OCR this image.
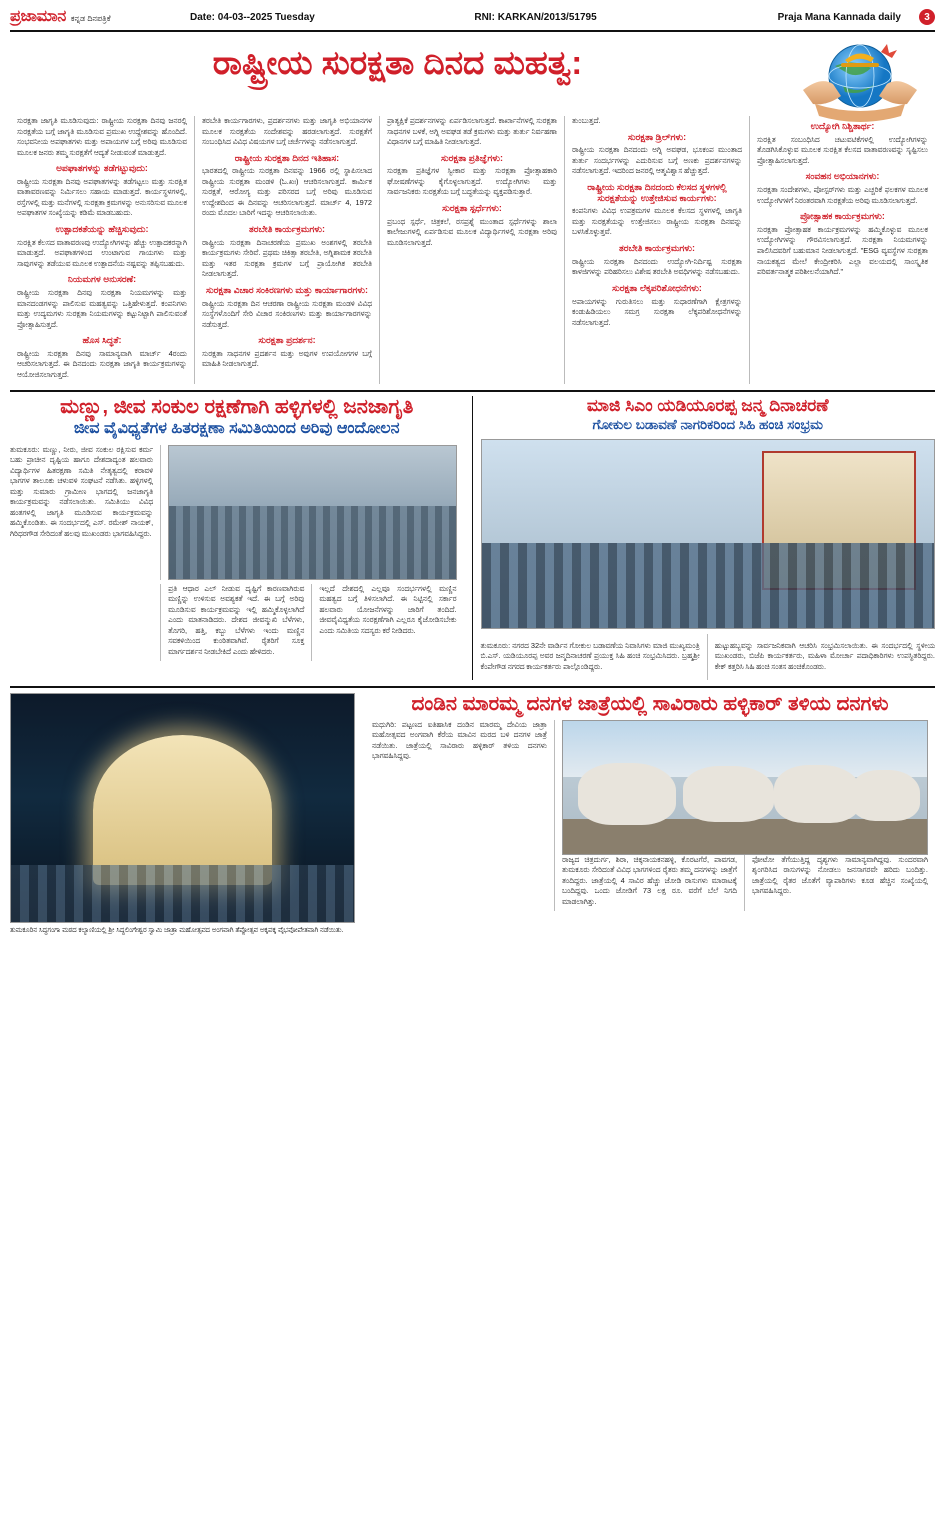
ಪ್ರಜಾಮಾನ ಕನ್ನಡ ದಿನಪತ್ರಿಕೆ	Date: 04-03--2025 Tuesday	RNI: KARKAN/2013/51795	Praja Mana Kannada daily	3
ರಾಷ್ಟ್ರೀಯ ಸುರಕ್ಷತಾ ದಿನದ ಮಹತ್ವ:

ಸುರಕ್ಷತಾ ಜಾಗೃತಿ ಮೂಡಿಸುವುದು: ರಾಷ್ಟ್ರೀಯ ಸುರಕ್ಷತಾ ದಿನವು ಜನರಲ್ಲಿ ಸುರಕ್ಷತೆಯ ಬಗ್ಗೆ ಜಾಗೃತಿ ಮೂಡಿಸುವ ಪ್ರಮುಖ ಉದ್ದೇಶವನ್ನು ಹೊಂದಿದೆ. ಸಂಭವನೀಯ ಅಪಘಾತಗಳು ಮತ್ತು ಅಪಾಯಗಳ ಬಗ್ಗೆ ಅರಿವು ಮೂಡಿಸುವ ಮೂಲಕ ಜನರು ತಮ್ಮ ಸುರಕ್ಷತೆಗೆ ಆದ್ಯತೆ ನೀಡುವಂತೆ ಮಾಡುತ್ತದೆ.

ಅಪಘಾತಗಳನ್ನು ತಡೆಗಟ್ಟುವುದು:

ರಾಷ್ಟ್ರೀಯ ಸುರಕ್ಷತಾ ದಿನವು ಅಪಘಾತಗಳನ್ನು ತಡೆಗಟ್ಟಲು ಮತ್ತು ಸುರಕ್ಷಿತ ವಾತಾವರಣವನ್ನು ನಿರ್ಮಿಸಲು ಸಹಾಯ ಮಾಡುತ್ತದೆ. ಕಾರ್ಯಸ್ಥಳಗಳಲ್ಲಿ, ರಸ್ತೆಗಳಲ್ಲಿ ಮತ್ತು ಮನೆಗಳಲ್ಲಿ ಸುರಕ್ಷತಾ ಕ್ರಮಗಳನ್ನು ಅನುಸರಿಸುವ ಮೂಲಕ ಅಪಘಾತಗಳ ಸಂಖ್ಯೆಯನ್ನು ಕಡಿಮೆ ಮಾಡಬಹುದು.

ಉತ್ಪಾದಕತೆಯನ್ನು ಹೆಚ್ಚಿಸುವುದು:

ಸುರಕ್ಷಿತ ಕೆಲಸದ ವಾತಾವರಣವು ಉದ್ಯೋಗಿಗಳನ್ನು ಹೆಚ್ಚು ಉತ್ಪಾದಕರನ್ನಾಗಿ ಮಾಡುತ್ತದೆ. ಅಪಘಾತಗಳಿಂದ ಉಂಟಾಗುವ ಗಾಯಗಳು ಮತ್ತು ಸಾವುಗಳನ್ನು ತಡೆಯುವ ಮೂಲಕ ಉತ್ಪಾದನೆಯ ನಷ್ಟವನ್ನು ತಪ್ಪಿಸಬಹುದು.

ನಿಯಮಗಳ ಅನುಸರಣೆ:

ರಾಷ್ಟ್ರೀಯ ಸುರಕ್ಷತಾ ದಿನವು ಸುರಕ್ಷತಾ ನಿಯಮಗಳನ್ನು ಮತ್ತು ಮಾನದಂಡಗಳನ್ನು ಪಾಲಿಸುವ ಮಹತ್ವವನ್ನು ಒತ್ತಿಹೇಳುತ್ತದೆ. ಕಂಪನಿಗಳು ಮತ್ತು ಉದ್ಯಮಗಳು ಸುರಕ್ಷತಾ ನಿಯಮಗಳನ್ನು ಕಟ್ಟುನಿಟ್ಟಾಗಿ ಪಾಲಿಸುವಂತೆ ಪ್ರೋತ್ಸಾಹಿಸುತ್ತದೆ.

ಹೊಸ ಸಿದ್ಧತೆ:

ರಾಷ್ಟ್ರೀಯ ಸುರಕ್ಷತಾ ದಿನವು ಸಾಮಾನ್ಯವಾಗಿ ಮಾರ್ಚ್ 4ರಂದು ಆಚರಿಸಲಾಗುತ್ತದೆ. ಈ ದಿನದಂದು ಸುರಕ್ಷತಾ ಜಾಗೃತಿ ಕಾರ್ಯಕ್ರಮಗಳನ್ನು ಆಯೋಜಿಸಲಾಗುತ್ತದೆ.

ತರಬೇತಿ ಕಾರ್ಯಗಾರಗಳು, ಪ್ರದರ್ಶನಗಳು ಮತ್ತು ಜಾಗೃತಿ ಅಭಿಯಾನಗಳ ಮೂಲಕ ಸುರಕ್ಷತೆಯ ಸಂದೇಶವನ್ನು ಹರಡಲಾಗುತ್ತದೆ. ಸುರಕ್ಷತೆಗೆ ಸಂಬಂಧಿಸಿದ ವಿವಿಧ ವಿಷಯಗಳ ಬಗ್ಗೆ ಚರ್ಚೆಗಳನ್ನು ನಡೆಸಲಾಗುತ್ತದೆ.

ರಾಷ್ಟ್ರೀಯ ಸುರಕ್ಷತಾ ದಿನದ ಇತಿಹಾಸ:

ಭಾರತದಲ್ಲಿ ರಾಷ್ಟ್ರೀಯ ಸುರಕ್ಷತಾ ದಿನವನ್ನು 1966 ರಲ್ಲಿ ಸ್ಥಾಪಿಸಲಾದ ರಾಷ್ಟ್ರೀಯ ಸುರಕ್ಷತಾ ಮಂಡಳಿ (ಓ.ಖಃ) ಆಚರಿಸಲಾಗುತ್ತದೆ. ಕಾರ್ಮಿಕ ಸುರಕ್ಷತೆ, ಆರೋಗ್ಯ ಮತ್ತು ಪರಿಸರದ ಬಗ್ಗೆ ಅರಿವು ಮೂಡಿಸುವ ಉದ್ದೇಶದಿಂದ ಈ ದಿನವನ್ನು ಆಚರಿಸಲಾಗುತ್ತದೆ. ಮಾರ್ಚ್ 4, 1972 ರಂದು ಮೊದಲ ಬಾರಿಗೆ ಇದನ್ನು ಆಚರಿಸಲಾಯಿತು.

ತರಬೇತಿ ಕಾರ್ಯಕ್ರಮಗಳು:

ರಾಷ್ಟ್ರೀಯ ಸುರಕ್ಷತಾ ದಿನಾಚರಣೆಯ ಪ್ರಮುಖ ಅಂಶಗಳಲ್ಲಿ ತರಬೇತಿ ಕಾರ್ಯಕ್ರಮಗಳು ಸೇರಿವೆ. ಪ್ರಥಮ ಚಿಕಿತ್ಸಾ ತರಬೇತಿ, ಅಗ್ನಿಶಾಮಕ ತರಬೇತಿ ಮತ್ತು ಇತರ ಸುರಕ್ಷತಾ ಕ್ರಮಗಳ ಬಗ್ಗೆ ಪ್ರಾಯೋಗಿಕ ತರಬೇತಿ ನೀಡಲಾಗುತ್ತದೆ.

ಸುರಕ್ಷತಾ ವಿಚಾರ ಸಂಕಿರಣಗಳು ಮತ್ತು ಕಾರ್ಯಾಗಾರಗಳು:

ರಾಷ್ಟ್ರೀಯ ಸುರಕ್ಷತಾ ದಿನ ಆಚರಣಾ ರಾಷ್ಟ್ರೀಯ ಸುರಕ್ಷತಾ ಮಂಡಳಿ ವಿವಿಧ ಸಂಸ್ಥೆಗಳೊಂದಿಗೆ ಸೇರಿ ವಿಚಾರ ಸಂಕಿರಣಗಳು ಮತ್ತು ಕಾರ್ಯಾಗಾರಗಳನ್ನು ನಡೆಸುತ್ತದೆ.

ಸುರಕ್ಷತಾ ಪ್ರದರ್ಶನ:

ಸುರಕ್ಷತಾ ಸಾಧನಗಳ ಪ್ರದರ್ಶನ ಮತ್ತು ಅವುಗಳ ಉಪಯೋಗಗಳ ಬಗ್ಗೆ ಮಾಹಿತಿ ನೀಡಲಾಗುತ್ತದೆ.

ಪ್ರಾತ್ಯಕ್ಷಿಕೆ ಪ್ರದರ್ಶನಗಳನ್ನು ಏರ್ಪಡಿಸಲಾಗುತ್ತದೆ. ಕಾರ್ಖಾನೆಗಳಲ್ಲಿ ಸುರಕ್ಷತಾ ಸಾಧನಗಳ ಬಳಕೆ, ಅಗ್ನಿ ಅವಘಡ ತಡೆ ಕ್ರಮಗಳು ಮತ್ತು ತುರ್ತು ನಿರ್ವಹಣಾ ವಿಧಾನಗಳ ಬಗ್ಗೆ ಮಾಹಿತಿ ನೀಡಲಾಗುತ್ತದೆ.

ಸುರಕ್ಷತಾ ಪ್ರತಿಜ್ಞೆಗಳು:

ಸುರಕ್ಷತಾ ಪ್ರತಿಜ್ಞೆಗಳ ಸ್ವೀಕಾರ ಮತ್ತು ಸುರಕ್ಷತಾ ಪ್ರೋತ್ಸಾಹಕಾರಿ ಘೋಷಣೆಗಳನ್ನು ಕೈಗೊಳ್ಳಲಾಗುತ್ತದೆ. ಉದ್ಯೋಗಿಗಳು ಮತ್ತು ಸಾರ್ವಜನಿಕರು ಸುರಕ್ಷತೆಯ ಬಗ್ಗೆ ಬದ್ಧತೆಯನ್ನು ವ್ಯಕ್ತಪಡಿಸುತ್ತಾರೆ.

ಸುರಕ್ಷತಾ ಸ್ಪರ್ಧೆಗಳು:

ಪ್ರಬಂಧ ಸ್ಪರ್ಧೆ, ಚಿತ್ರಕಲೆ, ರಸಪ್ರಶ್ನೆ ಮುಂತಾದ ಸ್ಪರ್ಧೆಗಳನ್ನು ಶಾಲಾ ಕಾಲೇಜುಗಳಲ್ಲಿ ಏರ್ಪಡಿಸುವ ಮೂಲಕ ವಿದ್ಯಾರ್ಥಿಗಳಲ್ಲಿ ಸುರಕ್ಷತಾ ಅರಿವು ಮೂಡಿಸಲಾಗುತ್ತದೆ.

ತುಂಬುತ್ತದೆ.

ಸುರಕ್ಷತಾ ಡ್ರಿಲ್‌ಗಳು:

ರಾಷ್ಟ್ರೀಯ ಸುರಕ್ಷತಾ ದಿನದಂದು ಅಗ್ನಿ ಅವಘಡ, ಭೂಕಂಪ ಮುಂತಾದ ತುರ್ತು ಸಂದರ್ಭಗಳನ್ನು ಎದುರಿಸುವ ಬಗ್ಗೆ ಅಣಕು ಪ್ರದರ್ಶನಗಳನ್ನು ನಡೆಸಲಾಗುತ್ತದೆ. ಇದರಿಂದ ಜನರಲ್ಲಿ ಆತ್ಮವಿಶ್ವಾಸ ಹೆಚ್ಚುತ್ತದೆ.

ರಾಷ್ಟ್ರೀಯ ಸುರಕ್ಷತಾ ದಿನದಂದು ಕೆಲಸದ ಸ್ಥಳಗಳಲ್ಲಿ ಸುರಕ್ಷತೆಯನ್ನು ಉತ್ತೇಜಿಸುವ ಕಾರ್ಯಗಳು:

ಕಂಪನಿಗಳು ವಿವಿಧ ಉಪಕ್ರಮಗಳ ಮೂಲಕ ಕೆಲಸದ ಸ್ಥಳಗಳಲ್ಲಿ ಜಾಗೃತಿ ಮತ್ತು ಸುರಕ್ಷತೆಯನ್ನು ಉತ್ತೇಜಿಸಲು ರಾಷ್ಟ್ರೀಯ ಸುರಕ್ಷತಾ ದಿನವನ್ನು ಬಳಸಿಕೊಳ್ಳುತ್ತವೆ.

ತರಬೇತಿ ಕಾರ್ಯಕ್ರಮಗಳು:

ರಾಷ್ಟ್ರೀಯ ಸುರಕ್ಷತಾ ದಿನದಂದು ಉದ್ಯೋಗಿ-ನಿರ್ದಿಷ್ಟ ಸುರಕ್ಷತಾ ಕಾಳಜಿಗಳನ್ನು ಪರಿಹರಿಸಲು ವಿಶೇಷ ತರಬೇತಿ ಅವಧಿಗಳನ್ನು ನಡೆಸಬಹುದು.

ಸುರಕ್ಷತಾ ಲೆಕ್ಕಪರಿಶೋಧನೆಗಳು:

ಅಪಾಯಗಳನ್ನು ಗುರುತಿಸಲು ಮತ್ತು ಸುಧಾರಣೆಗಾಗಿ ಕ್ಷೇತ್ರಗಳನ್ನು ಕಂಡುಹಿಡಿಯಲು ಸಮಗ್ರ ಸುರಕ್ಷತಾ ಲೆಕ್ಕಪರಿಶೋಧನೆಗಳನ್ನು ನಡೆಸಲಾಗುತ್ತದೆ.

ಉದ್ಯೋಗಿ ನಿಶ್ಚಿತಾರ್ಥ:

ಸುರಕ್ಷಿತ ಸಂಬಂಧಿಸಿದ ಚಟುವಟಿಕೆಗಳಲ್ಲಿ ಉದ್ಯೋಗಿಗಳನ್ನು ತೊಡಗಿಸಿಕೊಳ್ಳುವ ಮೂಲಕ ಸುರಕ್ಷಿತ ಕೆಲಸದ ವಾತಾವರಣವನ್ನು ಸೃಷ್ಟಿಸಲು ಪ್ರೋತ್ಸಾಹಿಸಲಾಗುತ್ತದೆ.

ಸಂವಹನ ಅಭಿಯಾನಗಳು:

ಸುರಕ್ಷತಾ ಸಂದೇಶಗಳು, ಪೋಸ್ಟರ್‌ಗಳು ಮತ್ತು ಎಚ್ಚರಿಕೆ ಫಲಕಗಳ ಮೂಲಕ ಉದ್ಯೋಗಿಗಳಿಗೆ ನಿರಂತರವಾಗಿ ಸುರಕ್ಷತೆಯ ಅರಿವು ಮೂಡಿಸಲಾಗುತ್ತದೆ.

ಪ್ರೋತ್ಸಾಹಕ ಕಾರ್ಯಕ್ರಮಗಳು:

ಸುರಕ್ಷತಾ ಪ್ರೋತ್ಸಾಹಕ ಕಾರ್ಯಕ್ರಮಗಳನ್ನು ಹಮ್ಮಿಕೊಳ್ಳುವ ಮೂಲಕ ಉದ್ಯೋಗಿಗಳನ್ನು ಗೌರವಿಸಲಾಗುತ್ತದೆ. ಸುರಕ್ಷತಾ ನಿಯಮಗಳನ್ನು ಪಾಲಿಸಿದವರಿಗೆ ಬಹುಮಾನ ನೀಡಲಾಗುತ್ತದೆ. "ESG ವ್ಯವಸ್ಥೆಗಳ ಸುರಕ್ಷತಾ ನಾಯಕತ್ವದ ಮೇಲೆ ಕೇಂದ್ರೀಕರಿಸಿ ಎಲ್ಲಾ ವಲಯದಲ್ಲಿ ಸಾಂಸ್ಕೃತಿಕ ಪರಿವರ್ತನಾತ್ಮಕ ಪರಿಶೀಲನೆಯಾಗಿದೆ."

ಮಣ್ಣು, ಜೀವ ಸಂಕುಲ ರಕ್ಷಣೆಗಾಗಿ ಹಳ್ಳಿಗಳಲ್ಲಿ ಜನಜಾಗೃತಿ
ಜೀವ ವೈವಿಧ್ಯತೆಗಳ ಹಿತರಕ್ಷಣಾ ಸಮಿತಿಯಿಂದ ಅರಿವು ಆಂದೋಲನ

ತುಮಕೂರು: ಮಣ್ಣು, ನೀರು, ಜೀವ ಸಂಕುಲ ರಕ್ಷಿಸುವ ಕರ್ಮ ಬಹು ಪ್ರಾಚೀನ ದೃಷ್ಟಿಯ ಹಾಗೂ ದೇಶದಾದ್ಯಂತ ಹಲವಾರು ವಿದ್ಯಾರ್ಥಿಗಳ ಹಿತರಕ್ಷಣಾ ಸಮಿತಿ ನೇತೃತ್ವದಲ್ಲಿ ಕರಾವಳಿ ಭಾಗಗಳ ತಾಲೂಕು ಚಳುವಳಿ ಸಂಘಟನೆ ನಡೆಸಿತು. ಹಳ್ಳಿಗಳಲ್ಲಿ ಮತ್ತು ಸುಮಾರು ಗ್ರಾಮೀಣ ಭಾಗದಲ್ಲಿ ಜನಜಾಗೃತಿ ಕಾರ್ಯಕ್ರಮವನ್ನು ನಡೆಸಲಾಯಿತು. ಸಮಿತಿಯು ವಿವಿಧ ಹಂತಗಳಲ್ಲಿ ಜಾಗೃತಿ ಮೂಡಿಸುವ ಕಾರ್ಯಕ್ರಮವನ್ನು ಹಮ್ಮಿಕೊಂಡಿತು. ಈ ಸಂದರ್ಭದಲ್ಲಿ ಎಸ್. ರಮೇಶ್ ನಾಯಕ್, ಗಿರಿಧರಗೌಡ ಸೇರಿದಂತೆ ಹಲವು ಮುಖಂಡರು ಭಾಗವಹಿಸಿದ್ದರು.

ಪ್ರತಿ ಆಧಾರ ಎಲ್ ನೀಡುವ ದೃಷ್ಟಿಗೆ ಕಾರಣವಾಗಿರುವ ಮಣ್ಣಿನ್ನು ಉಳಿಸುವ ಅವಶ್ಯಕತೆ ಇದೆ. ಈ ಬಗ್ಗೆ ಅರಿವು ಮೂಡಿಸುವ ಕಾರ್ಯಕ್ರಮವನ್ನು ಇಲ್ಲಿ ಹಮ್ಮಿಕೊಳ್ಳಲಾಗಿದೆ ಎಂದು ಮಾತನಾಡಿದರು. ದೇಶದ ಜೀವನ್ಮುಖಿ ಬೆಳೆಗಳು, ತೊಗರಿ, ಹತ್ತಿ, ಕಬ್ಬು ಬೆಳೆಗಳು ಇಂದು ಮಣ್ಣಿನ ಸವಕಳಿಯಿಂದ ಕುಂಠಿತವಾಗಿವೆ. ರೈತರಿಗೆ ಸೂಕ್ತ ಮಾರ್ಗದರ್ಶನ ನೀಡಬೇಕಿದೆ ಎಂದು ಹೇಳಿದರು.

ಇಲ್ಲದೆ ದೇಶದಲ್ಲಿ ಎಲ್ಲವೂ ಸಂದರ್ಭಗಳಲ್ಲಿ ಮಣ್ಣಿನ ಮಹತ್ವದ ಬಗ್ಗೆ ತಿಳಿಸಲಾಗಿದೆ. ಈ ನಿಟ್ಟಿನಲ್ಲಿ ಸರ್ಕಾರ ಹಲವಾರು ಯೋಜನೆಗಳನ್ನು ಜಾರಿಗೆ ತಂದಿದೆ. ಜೀವವೈವಿಧ್ಯತೆಯ ಸಂರಕ್ಷಣೆಗಾಗಿ ಎಲ್ಲರೂ ಕೈಜೋಡಿಸಬೇಕು ಎಂದು ಸಮಿತಿಯ ಸದಸ್ಯರು ಕರೆ ನೀಡಿದರು.

ಮಾಜಿ ಸಿಎಂ ಯಡಿಯೂರಪ್ಪ ಜನ್ಮ ದಿನಾಚರಣೆ
ಗೋಕುಲ ಬಡಾವಣೆ ನಾಗರಿಕರಿಂದ ಸಿಹಿ ಹಂಚಿ ಸಂಭ್ರಮ

ತುಮಕೂರು: ನಗರದ 32ನೇ ವಾರ್ಡಿನ ಗೋಕುಲ ಬಡಾವಣೆಯ ನಿವಾಸಿಗಳು ಮಾಜಿ ಮುಖ್ಯಮಂತ್ರಿ ಬಿ.ಎಸ್. ಯಡಿಯೂರಪ್ಪ ಅವರ ಜನ್ಮದಿನಾಚರಣೆ ಪ್ರಯುಕ್ತ ಸಿಹಿ ಹಂಚಿ ಸಂಭ್ರಮಿಸಿದರು. ಬ್ರಹ್ಮಶ್ರೀ ಕೆಂಪೇಗೌಡ ನಗರದ ಕಾರ್ಯಕರ್ತರು ಪಾಲ್ಗೊಂಡಿದ್ದರು.

ಹುಟ್ಟುಹಬ್ಬವನ್ನು ಸಾರ್ವಜನಿಕವಾಗಿ ಆಚರಿಸಿ ಸಂಭ್ರಮಿಸಲಾಯಿತು. ಈ ಸಂದರ್ಭದಲ್ಲಿ ಸ್ಥಳೀಯ ಮುಖಂಡರು, ಬಿಜೆಪಿ ಕಾರ್ಯಕರ್ತರು, ಮಹಿಳಾ ಮೋರ್ಚಾ ಪದಾಧಿಕಾರಿಗಳು ಉಪಸ್ಥಿತರಿದ್ದರು. ಕೇಕ್ ಕತ್ತರಿಸಿ ಸಿಹಿ ಹಂಚಿ ಸಂತಸ ಹಂಚಿಕೊಂಡರು.

ತುಮಕೂರಿನ ಸಿದ್ಧಗಂಗಾ ಮಠದ ಕಲ್ಯಾಣಿಯಲ್ಲಿ ಶ್ರೀ ಸಿದ್ಧಲಿಂಗೇಶ್ವರ ಸ್ವಾಮಿ ಜಾತ್ರಾ ಮಹೋತ್ಸವದ ಅಂಗವಾಗಿ ತೆಪ್ಪೋತ್ಸವ ಅಕ್ಕಪಕ್ಕ ವೈಭವೋಪೇತವಾಗಿ ನಡೆಯಿತು.

ದಂಡಿನ ಮಾರಮ್ಮ ದನಗಳ ಜಾತ್ರೆಯಲ್ಲಿ ಸಾವಿರಾರು ಹಳ್ಳಿಕಾರ್ ತಳಿಯ ದನಗಳು

ಮಧುಗಿರಿ: ಪಟ್ಟಣದ ಐತಿಹಾಸಿಕ ದಂಡಿನ ಮಾರಮ್ಮ ದೇವಿಯ ಜಾತ್ರಾ ಮಹೋತ್ಸವದ ಅಂಗವಾಗಿ ಕೆರೆಯ ಮಾವಿನ ಮರದ ಬಳಿ ದನಗಳ ಜಾತ್ರೆ ನಡೆಯಿತು. ಜಾತ್ರೆಯಲ್ಲಿ ಸಾವಿರಾರು ಹಳ್ಳಿಕಾರ್ ತಳಿಯ ದನಗಳು ಭಾಗವಹಿಸಿದ್ದವು.

ರಾಜ್ಯದ ಚಿತ್ರದುರ್ಗ, ಶಿರಾ, ಚಿಕ್ಕನಾಯಕನಹಳ್ಳಿ, ಕೊರಟಗೆರೆ, ಪಾವಗಡ, ತುಮಕೂರು ಸೇರಿದಂತೆ ವಿವಿಧ ಭಾಗಗಳಿಂದ ರೈತರು ತಮ್ಮ ದನಗಳನ್ನು ಜಾತ್ರೆಗೆ ತಂದಿದ್ದರು. ಜಾತ್ರೆಯಲ್ಲಿ 4 ಸಾವಿರ ಹೆಚ್ಚು ಜೋಡಿ ರಾಸುಗಳು ಮಾರಾಟಕ್ಕೆ ಬಂದಿದ್ದವು. ಒಂದು ಜೋಡಿಗೆ 73 ಲಕ್ಷ ರೂ. ವರೆಗೆ ಬೆಲೆ ನಿಗದಿ ಮಾಡಲಾಗಿತ್ತು.

ಫೋಟೋ ತೆಗೆಯುತ್ತಿದ್ದ ದೃಶ್ಯಗಳು ಸಾಮಾನ್ಯವಾಗಿದ್ದವು. ಸುಂದರವಾಗಿ ಶೃಂಗರಿಸಿದ ರಾಸುಗಳನ್ನು ನೋಡಲು ಜನಸಾಗರವೇ ಹರಿದು ಬಂದಿತ್ತು. ಜಾತ್ರೆಯಲ್ಲಿ ರೈತರ ಜೊತೆಗೆ ವ್ಯಾಪಾರಿಗಳು ಕೂಡ ಹೆಚ್ಚಿನ ಸಂಖ್ಯೆಯಲ್ಲಿ ಭಾಗವಹಿಸಿದ್ದರು.
